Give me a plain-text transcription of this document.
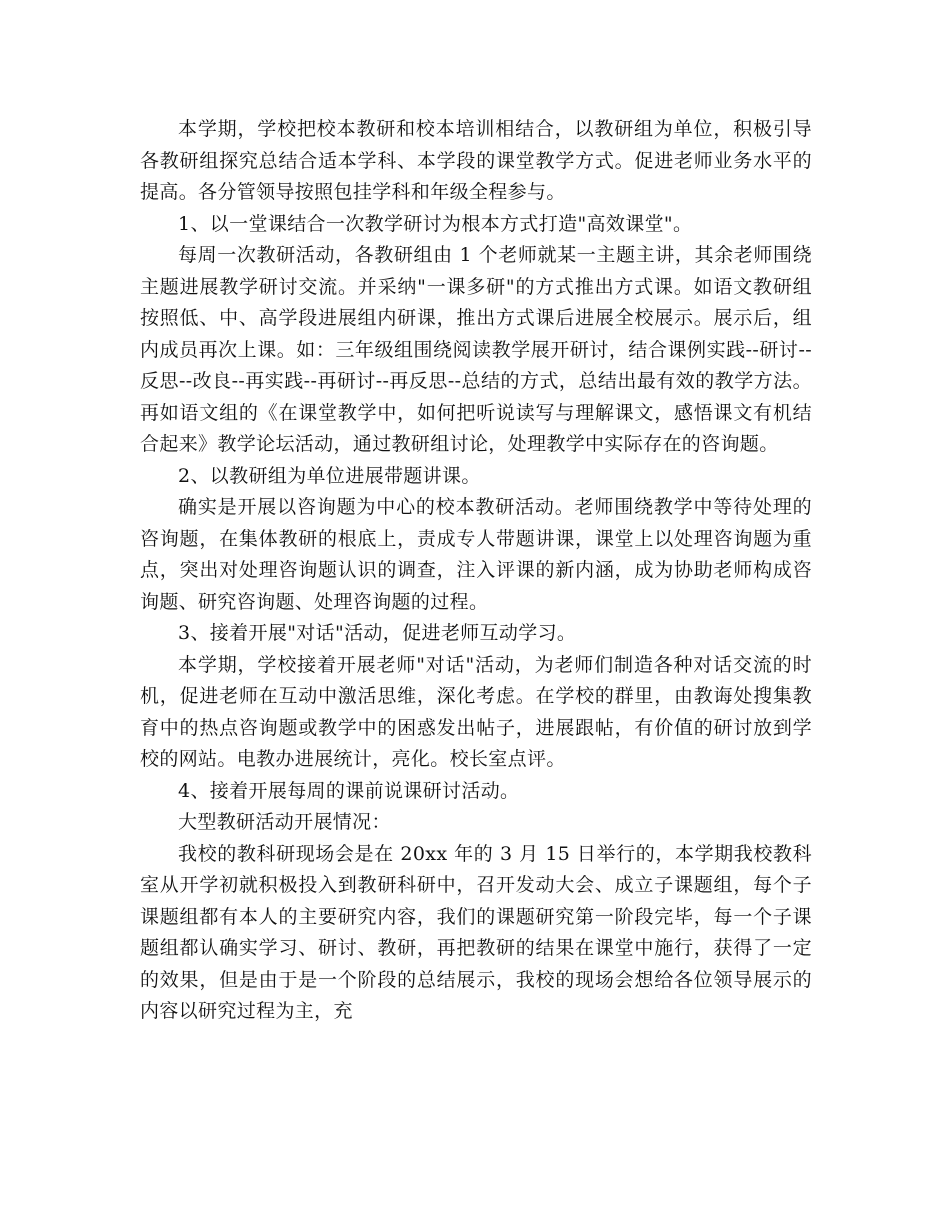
本学期，学校把校本教研和校本培训相结合，以教研组为单位，积极引导各教研组探究总结合适本学科、本学段的课堂教学方式。促进老师业务水平的提高。各分管领导按照包挂学科和年级全程参与。

1、以一堂课结合一次教学研讨为根本方式打造"高效课堂"。

每周一次教研活动，各教研组由 1 个老师就某一主题主讲，其余老师围绕主题进展教学研讨交流。并采纳"一课多研"的方式推出方式课。如语文教研组按照低、中、高学段进展组内研课，推出方式课后进展全校展示。展示后，组内成员再次上课。如：三年级组围绕阅读教学展开研讨，结合课例实践--研讨--反思--改良--再实践--再研讨--再反思--总结的方式，总结出最有效的教学方法。再如语文组的《在课堂教学中，如何把听说读写与理解课文，感悟课文有机结合起来》教学论坛活动，通过教研组讨论，处理教学中实际存在的咨询题。

2、以教研组为单位进展带题讲课。

确实是开展以咨询题为中心的校本教研活动。老师围绕教学中等待处理的咨询题，在集体教研的根底上，责成专人带题讲课，课堂上以处理咨询题为重点，突出对处理咨询题认识的调查，注入评课的新内涵，成为协助老师构成咨询题、研究咨询题、处理咨询题的过程。

3、接着开展"对话"活动，促进老师互动学习。

本学期，学校接着开展老师"对话"活动，为老师们制造各种对话交流的时机，促进老师在互动中激活思维，深化考虑。在学校的群里，由教诲处搜集教育中的热点咨询题或教学中的困惑发出帖子，进展跟帖，有价值的研讨放到学校的网站。电教办进展统计，亮化。校长室点评。

4、接着开展每周的课前说课研讨活动。

大型教研活动开展情况：

我校的教科研现场会是在 20xx 年的 3 月 15 日举行的，本学期我校教科室从开学初就积极投入到教研科研中，召开发动大会、成立子课题组，每个子课题组都有本人的主要研究内容，我们的课题研究第一阶段完毕，每一个子课题组都认确实学习、研讨、教研，再把教研的结果在课堂中施行，获得了一定的效果，但是由于是一个阶段的总结展示，我校的现场会想给各位领导展示的内容以研究过程为主，充
